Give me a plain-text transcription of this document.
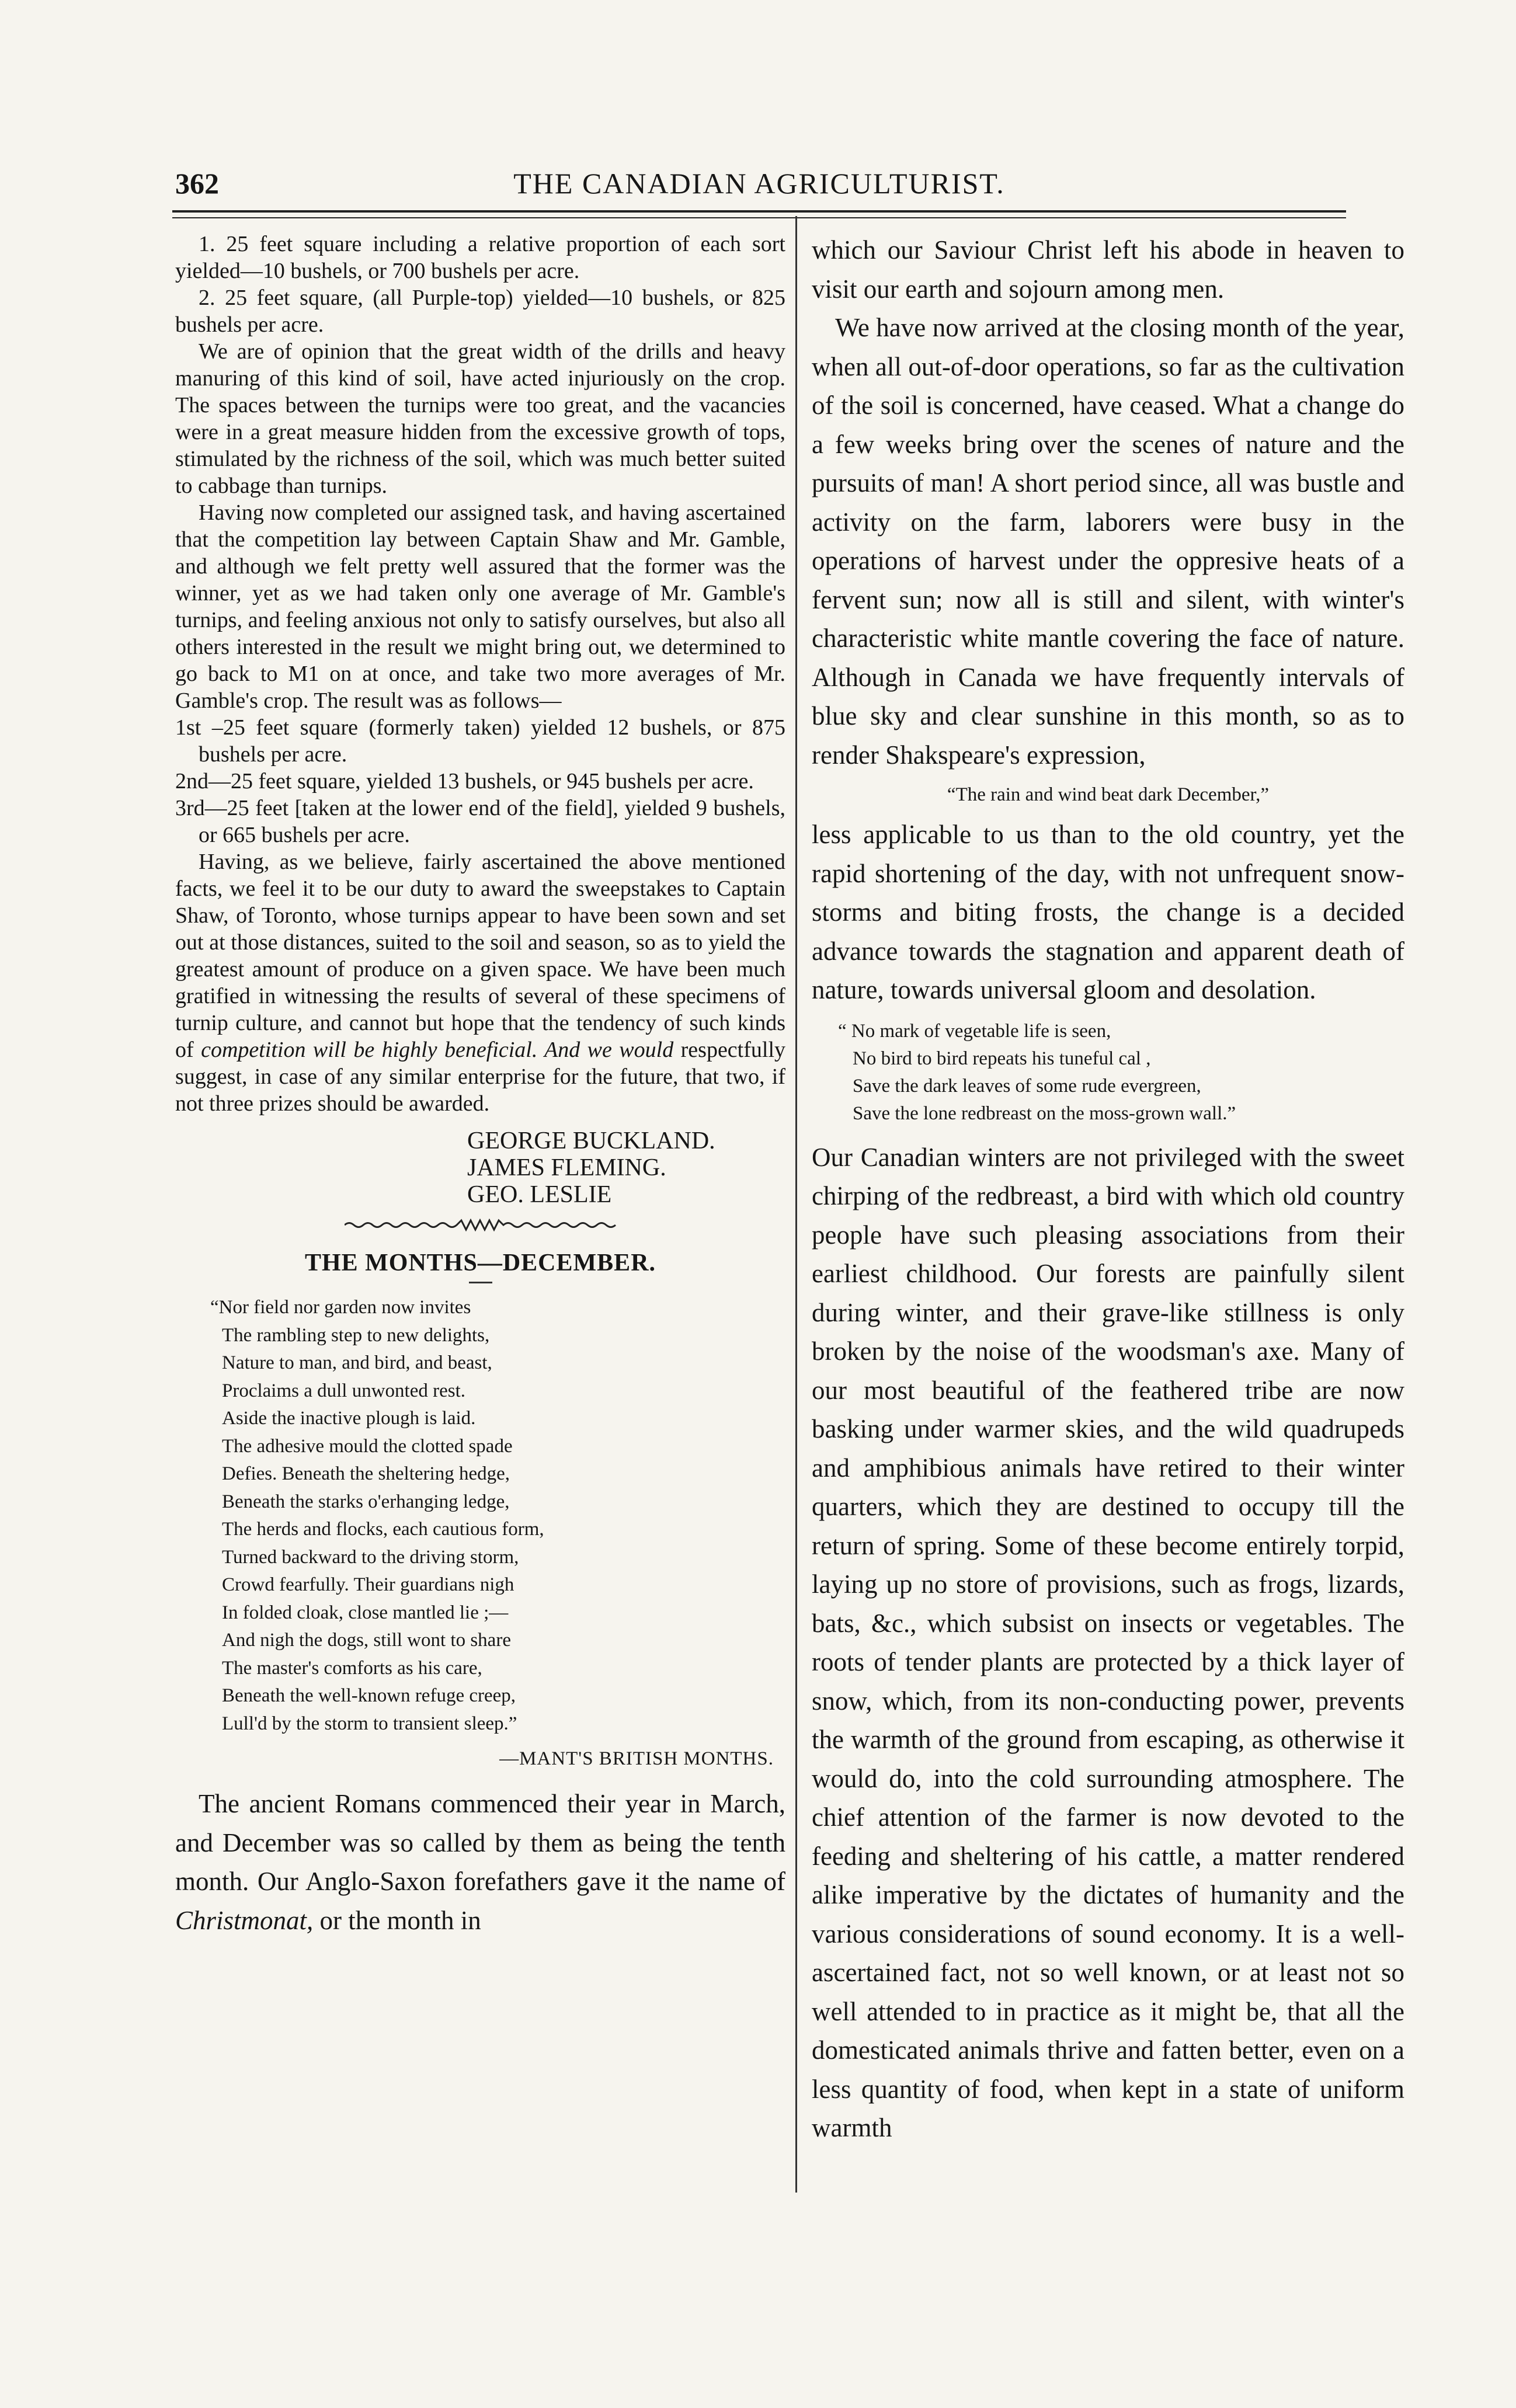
362	THE CANADIAN AGRICULTURIST.

1. 25 feet square including a relative proportion of each sort yielded—10 bushels, or 700 bushels per acre.

2. 25 feet square, (all Purple-top) yielded—10 bushels, or 825 bushels per acre.

We are of opinion that the great width of the drills and heavy manuring of this kind of soil, have acted injuriously on the crop. The spaces between the turnips were too great, and the vacancies were in a great measure hidden from the excessive growth of tops, stimulated by the richness of the soil, which was much better suited to cabbage than turnips.

Having now completed our assigned task, and having ascertained that the competition lay between Captain Shaw and Mr. Gamble, and although we felt pretty well assured that the former was the winner, yet as we had taken only one average of Mr. Gamble's turnips, and feeling anxious not only to satisfy ourselves, but also all others interested in the result we might bring out, we determined to go back to M1 on at once, and take two more averages of Mr. Gamble's crop. The result was as follows—

1st –25 feet square (formerly taken) yielded 12 bushels, or 875 bushels per acre.

2nd—25 feet square, yielded 13 bushels, or 945 bushels per acre.

3rd—25 feet [taken at the lower end of the field], yielded 9 bushels, or 665 bushels per acre.

Having, as we believe, fairly ascertained the above mentioned facts, we feel it to be our duty to award the sweepstakes to Captain Shaw, of Toronto, whose turnips appear to have been sown and set out at those distances, suited to the soil and season, so as to yield the greatest amount of produce on a given space. We have been much gratified in witnessing the results of several of these specimens of turnip culture, and cannot but hope that the tendency of such kinds of competition will be highly beneficial. And we would respectfully suggest, in case of any similar enterprise for the future, that two, if not three prizes should be awarded.

GEORGE BUCKLAND.
JAMES FLEMING.
GEO. LESLIE
THE MONTHS—DECEMBER.
“Nor field nor garden now invites
The rambling step to new delights,
Nature to man, and bird, and beast,
Proclaims a dull unwonted rest.
Aside the inactive plough is laid.
The adhesive mould the clotted spade
Defies. Beneath the sheltering hedge,
Beneath the starks o'erhanging ledge,
The herds and flocks, each cautious form,
Turned backward to the driving storm,
Crowd fearfully. Their guardians nigh
In folded cloak, close mantled lie ;—
And nigh the dogs, still wont to share
The master's comforts as his care,
Beneath the well-known refuge creep,
Lull'd by the storm to transient sleep.”
—MANT'S BRITISH MONTHS.

The ancient Romans commenced their year in March, and December was so called by them as being the tenth month. Our Anglo-Saxon forefathers gave it the name of Christmonat, or the month in

which our Saviour Christ left his abode in heaven to visit our earth and sojourn among men.

We have now arrived at the closing month of the year, when all out-of-door operations, so far as the cultivation of the soil is concerned, have ceased. What a change do a few weeks bring over the scenes of nature and the pursuits of man! A short period since, all was bustle and activity on the farm, laborers were busy in the operations of harvest under the oppresive heats of a fervent sun; now all is still and silent, with winter's characteristic white mantle covering the face of nature. Although in Canada we have frequently intervals of blue sky and clear sunshine in this month, so as to render Shakspeare's expression,

“The rain and wind beat dark December,”

less applicable to us than to the old country, yet the rapid shortening of the day, with not unfrequent snow-storms and biting frosts, the change is a decided advance towards the stagnation and apparent death of nature, towards universal gloom and desolation.

“ No mark of vegetable life is seen,
No bird to bird repeats his tuneful cal ,
Save the dark leaves of some rude evergreen,
Save the lone redbreast on the moss-grown wall.”

Our Canadian winters are not privileged with the sweet chirping of the redbreast, a bird with which old country people have such pleasing associations from their earliest childhood. Our forests are painfully silent during winter, and their grave-like stillness is only broken by the noise of the woodsman's axe. Many of our most beautiful of the feathered tribe are now basking under warmer skies, and the wild quadrupeds and amphibious animals have retired to their winter quarters, which they are destined to occupy till the return of spring. Some of these become entirely torpid, laying up no store of provisions, such as frogs, lizards, bats, &c., which subsist on insects or vegetables. The roots of tender plants are protected by a thick layer of snow, which, from its non-conducting power, prevents the warmth of the ground from escaping, as otherwise it would do, into the cold surrounding atmosphere. The chief attention of the farmer is now devoted to the feeding and sheltering of his cattle, a matter rendered alike imperative by the dictates of humanity and the various considerations of sound economy. It is a well-ascertained fact, not so well known, or at least not so well attended to in practice as it might be, that all the domesticated animals thrive and fatten better, even on a less quantity of food, when kept in a state of uniform warmth
